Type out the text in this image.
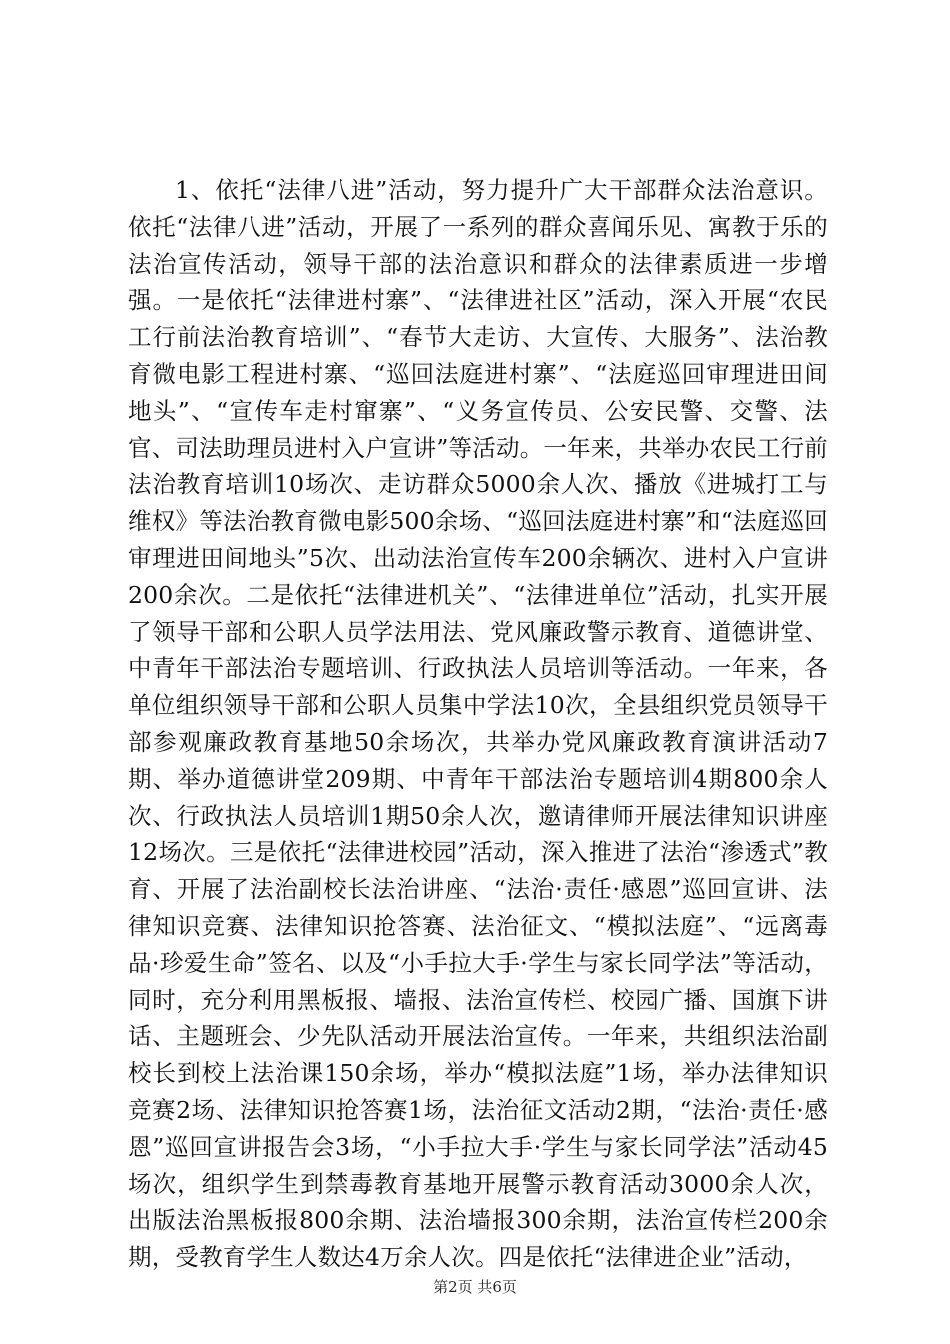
1、依托“法律八进”活动，努力提升广大干部群众法治意识。依托“法律八进”活动，开展了一系列的群众喜闻乐见、寓教于乐的法治宣传活动，领导干部的法治意识和群众的法律素质进一步增强。一是依托“法律进村寨”、“法律进社区”活动，深入开展“农民工行前法治教育培训”、“春节大走访、大宣传、大服务”、法治教育微电影工程进村寨、“巡回法庭进村寨”、“法庭巡回审理进田间地头”、“宣传车走村窜寨”、“义务宣传员、公安民警、交警、法官、司法助理员进村入户宣讲”等活动。一年来，共举办农民工行前法治教育培训10场次、走访群众5000余人次、播放《进城打工与维权》等法治教育微电影500余场、“巡回法庭进村寨”和“法庭巡回审理进田间地头”5次、出动法治宣传车200余辆次、进村入户宣讲200余次。二是依托“法律进机关”、“法律进单位”活动，扎实开展了领导干部和公职人员学法用法、党风廉政警示教育、道德讲堂、中青年干部法治专题培训、行政执法人员培训等活动。一年来，各单位组织领导干部和公职人员集中学法10次，全县组织党员领导干部参观廉政教育基地50余场次，共举办党风廉政教育演讲活动7期、举办道德讲堂209期、中青年干部法治专题培训4期800余人次、行政执法人员培训1期50余人次，邀请律师开展法律知识讲座12场次。三是依托“法律进校园”活动，深入推进了法治“渗透式”教育、开展了法治副校长法治讲座、“法治·责任·感恩”巡回宣讲、法律知识竞赛、法律知识抢答赛、法治征文、“模拟法庭”、“远离毒品·珍爱生命”签名、以及“小手拉大手·学生与家长同学法”等活动，同时，充分利用黑板报、墙报、法治宣传栏、校园广播、国旗下讲话、主题班会、少先队活动开展法治宣传。一年来，共组织法治副校长到校上法治课150余场，举办“模拟法庭”1场，举办法律知识竞赛2场、法律知识抢答赛1场，法治征文活动2期，“法治·责任·感恩”巡回宣讲报告会3场，“小手拉大手·学生与家长同学法”活动45场次，组织学生到禁毒教育基地开展警示教育活动3000余人次，出版法治黑板报800余期、法治墙报300余期，法治宣传栏200余期，受教育学生人数达4万余人次。四是依托“法律进企业”活动，

第2页 共6页
